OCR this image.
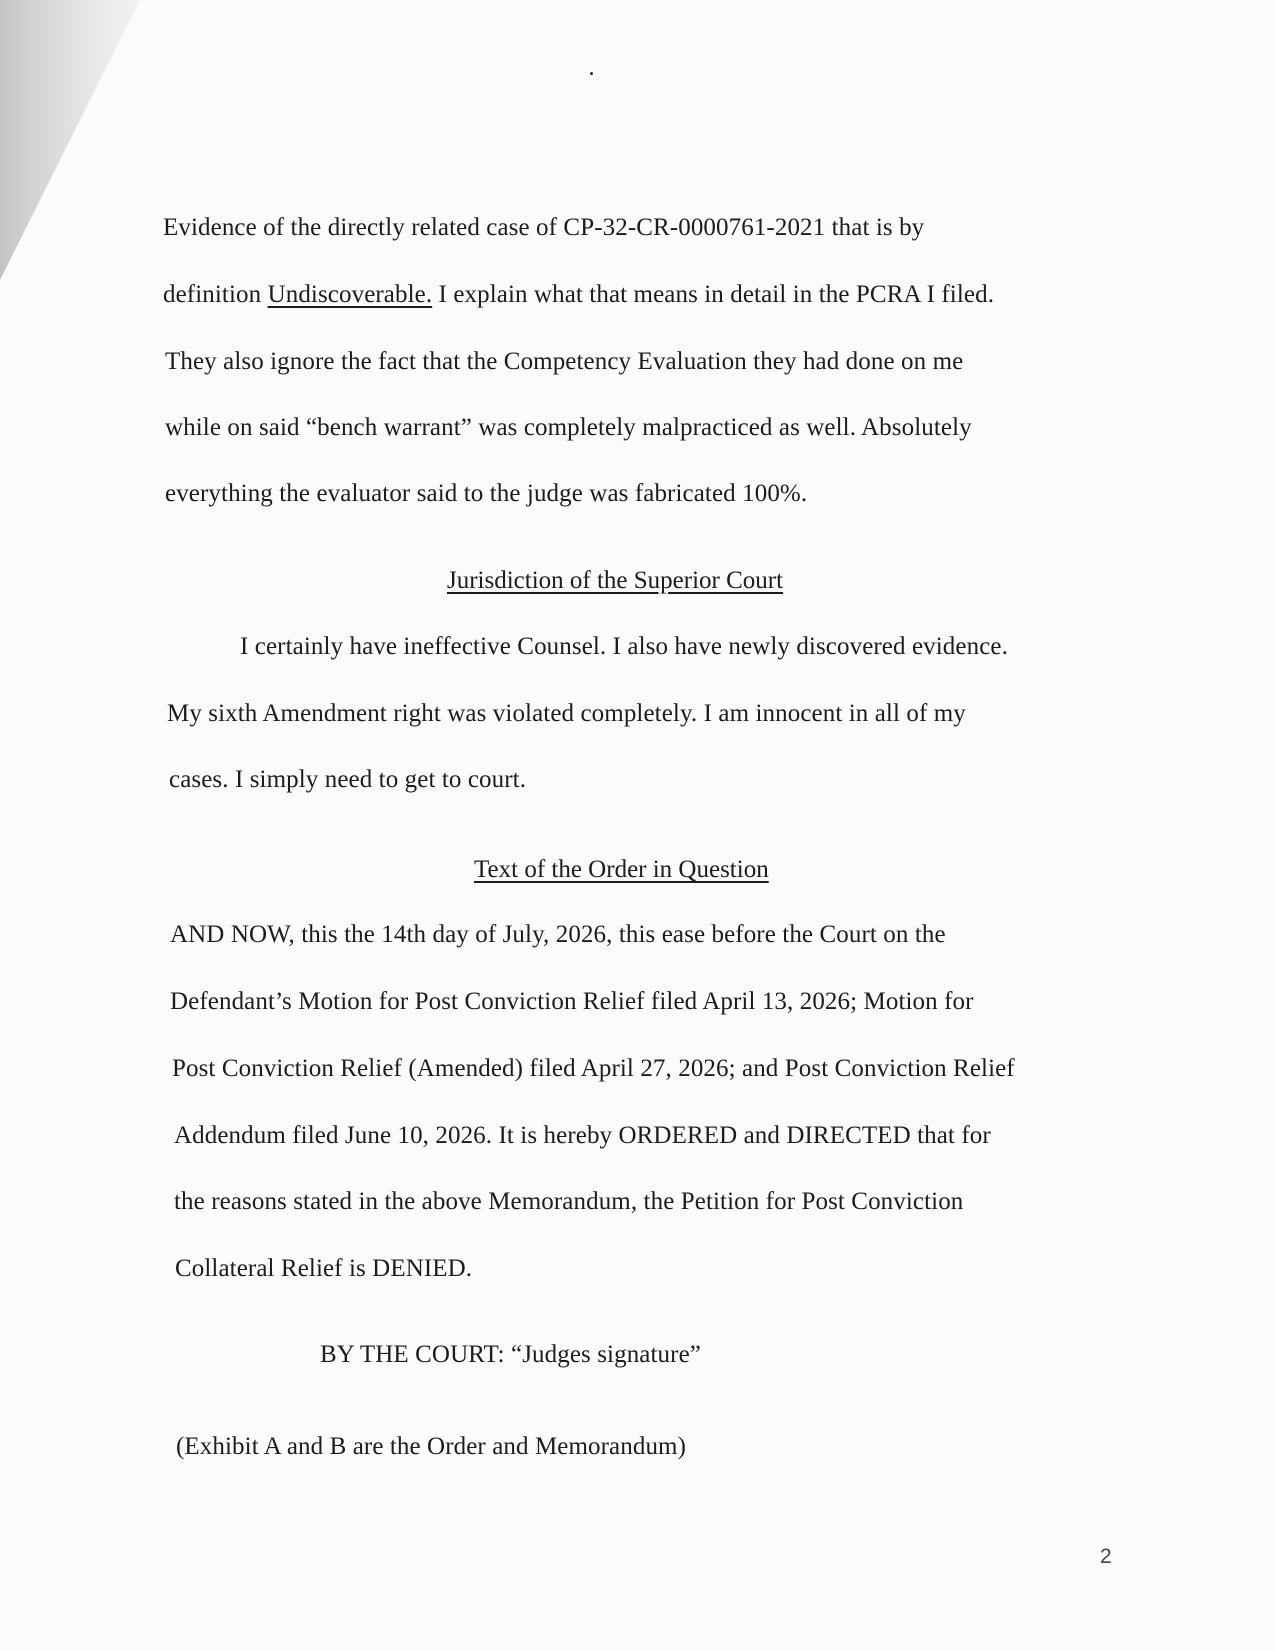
Evidence of the directly related case of CP-32-CR-0000761-2021 that is by
definition Undiscoverable. I explain what that means in detail in the PCRA I filed.
They also ignore the fact that the Competency Evaluation they had done on me
while on said “bench warrant” was completely malpracticed as well. Absolutely
everything the evaluator said to the judge was fabricated 100%.
Jurisdiction of the Superior Court
I certainly have ineffective Counsel. I also have newly discovered evidence.
My sixth Amendment right was violated completely. I am innocent in all of my
cases. I simply need to get to court.
Text of the Order in Question
AND NOW, this the 14th day of July, 2026, this ease before the Court on the
Defendant’s Motion for Post Conviction Relief filed April 13, 2026; Motion for
Post Conviction Relief (Amended) filed April 27, 2026; and Post Conviction Relief
Addendum filed June 10, 2026. It is hereby ORDERED and DIRECTED that for
the reasons stated in the above Memorandum, the Petition for Post Conviction
Collateral Relief is DENIED.
BY THE COURT: “Judges signature”
(Exhibit A and B are the Order and Memorandum)
2
